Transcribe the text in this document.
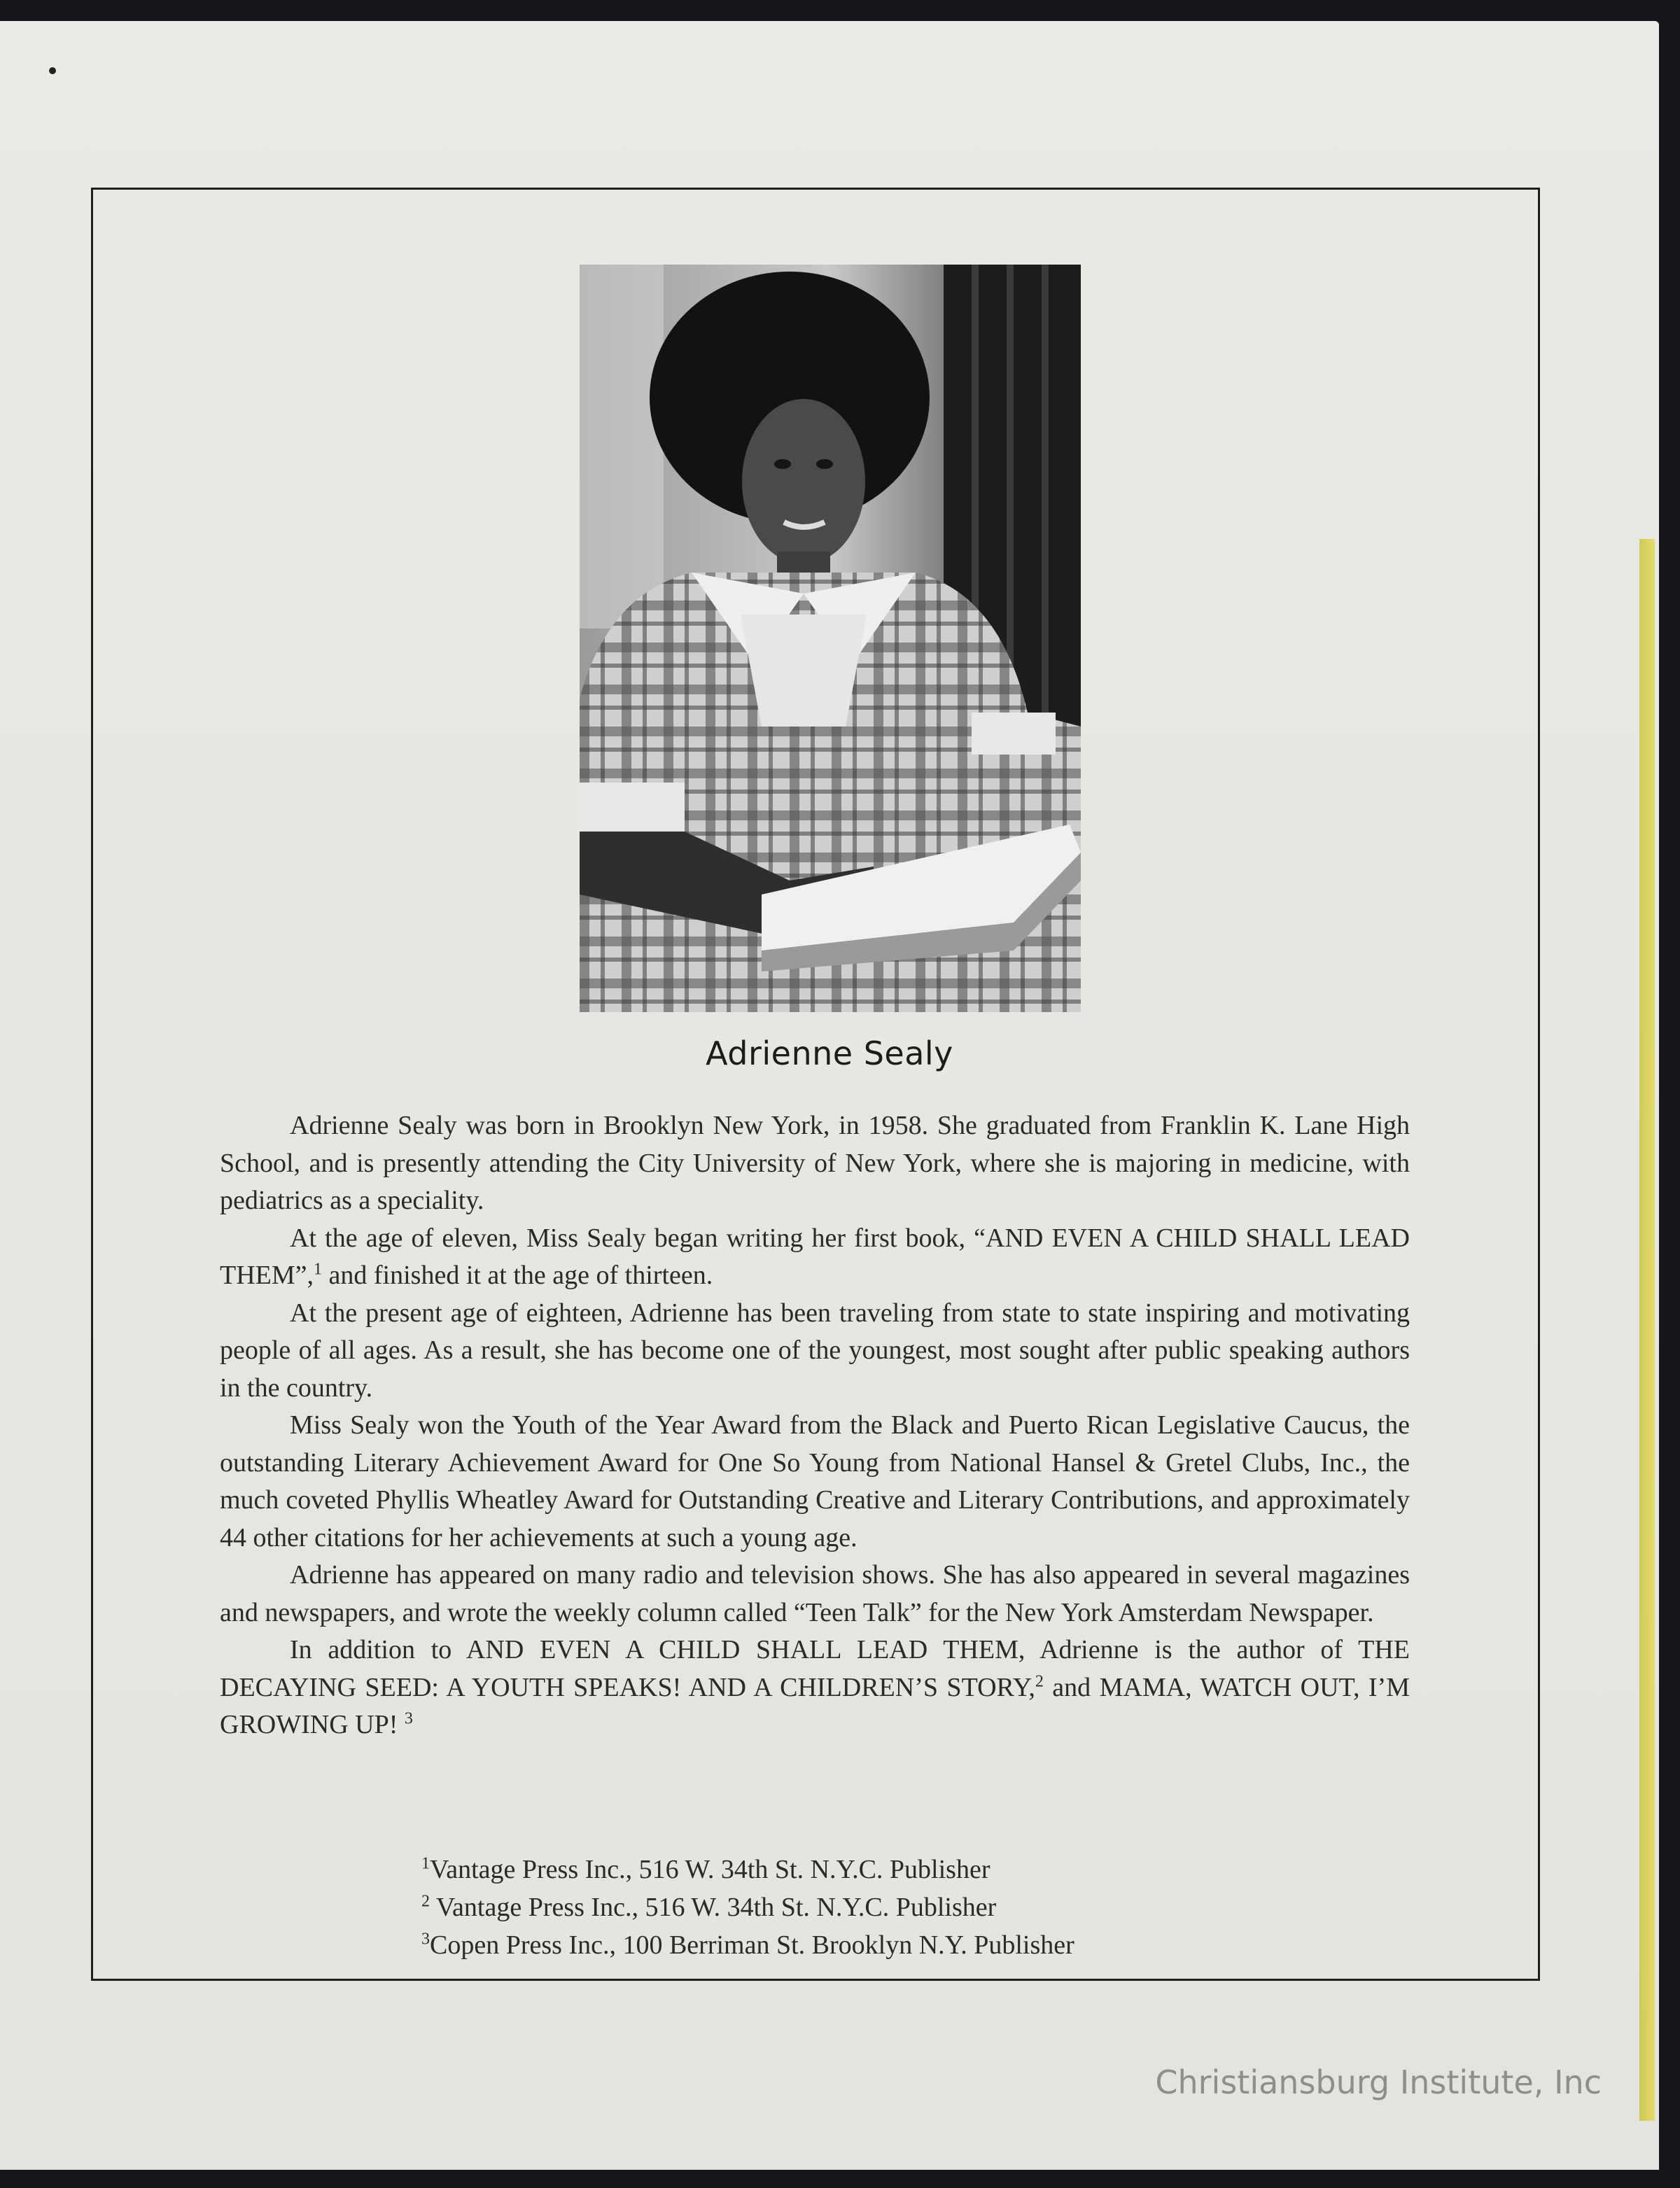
Adrienne Sealy

Adrienne Sealy was born in Brooklyn New York, in 1958. She graduated from Franklin K. Lane High School, and is presently attending the City University of New York, where she is majoring in medicine, with pediatrics as a speciality.

At the age of eleven, Miss Sealy began writing her first book, “AND EVEN A CHILD SHALL LEAD THEM”,$^1$ and finished it at the age of thirteen.

At the present age of eighteen, Adrienne has been traveling from state to state inspiring and motivating people of all ages. As a result, she has become one of the youngest, most sought after public speaking authors in the country.

Miss Sealy won the Youth of the Year Award from the Black and Puerto Rican Legislative Caucus, the outstanding Literary Achievement Award for One So Young from National Hansel & Gretel Clubs, Inc., the much coveted Phyllis Wheatley Award for Outstanding Creative and Literary Contributions, and approximately 44 other citations for her achievements at such a young age.

Adrienne has appeared on many radio and television shows. She has also appeared in several magazines and newspapers, and wrote the weekly column called “Teen Talk” for the New York Amsterdam Newspaper.

In addition to AND EVEN A CHILD SHALL LEAD THEM, Adrienne is the author of THE DECAYING SEED: A YOUTH SPEAKS! AND A CHILDREN’S STORY,$^2$ and MAMA, WATCH OUT, I’M GROWING UP! $^3$

$^1$Vantage Press Inc., 516 W. 34th St. N.Y.C. Publisher
$^2$ Vantage Press Inc., 516 W. 34th St. N.Y.C. Publisher
$^3$Copen Press Inc., 100 Berriman St. Brooklyn N.Y. Publisher
Christiansburg Institute, Inc
